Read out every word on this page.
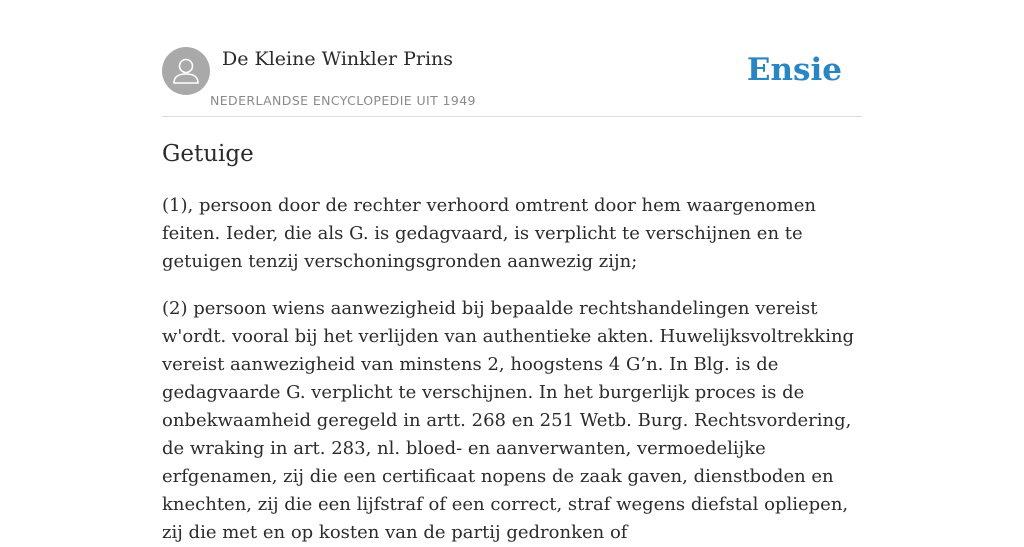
De Kleine Winkler Prins
NEDERLANDSE ENCYCLOPEDIE UIT 1949
Ensie
Getuige

(1), persoon door de rechter verhoord omtrent door hem waargenomen feiten. Ieder, die als G. is gedagvaard, is verplicht te verschijnen en te getuigen tenzij verschoningsgronden aanwezig zijn;

(2) persoon wiens aanwezigheid bij bepaalde rechtshandelingen vereist w'ordt. vooral bij het verlijden van authentieke akten. Huwelijksvoltrekking vereist aanwezigheid van minstens 2, hoogstens 4 G’n. In Blg. is de gedagvaarde G. verplicht te verschijnen. In het burgerlijk proces is de onbekwaamheid geregeld in artt. 268 en 251 Wetb. Burg. Rechtsvordering, de wraking in art. 283, nl. bloed- en aanverwanten, vermoedelijke erfgenamen, zij die een certificaat nopens de zaak gaven, dienstboden en knechten, zij die een lijfstraf of een correct, straf wegens diefstal opliepen, zij die met en op kosten van de partij gedronken of
